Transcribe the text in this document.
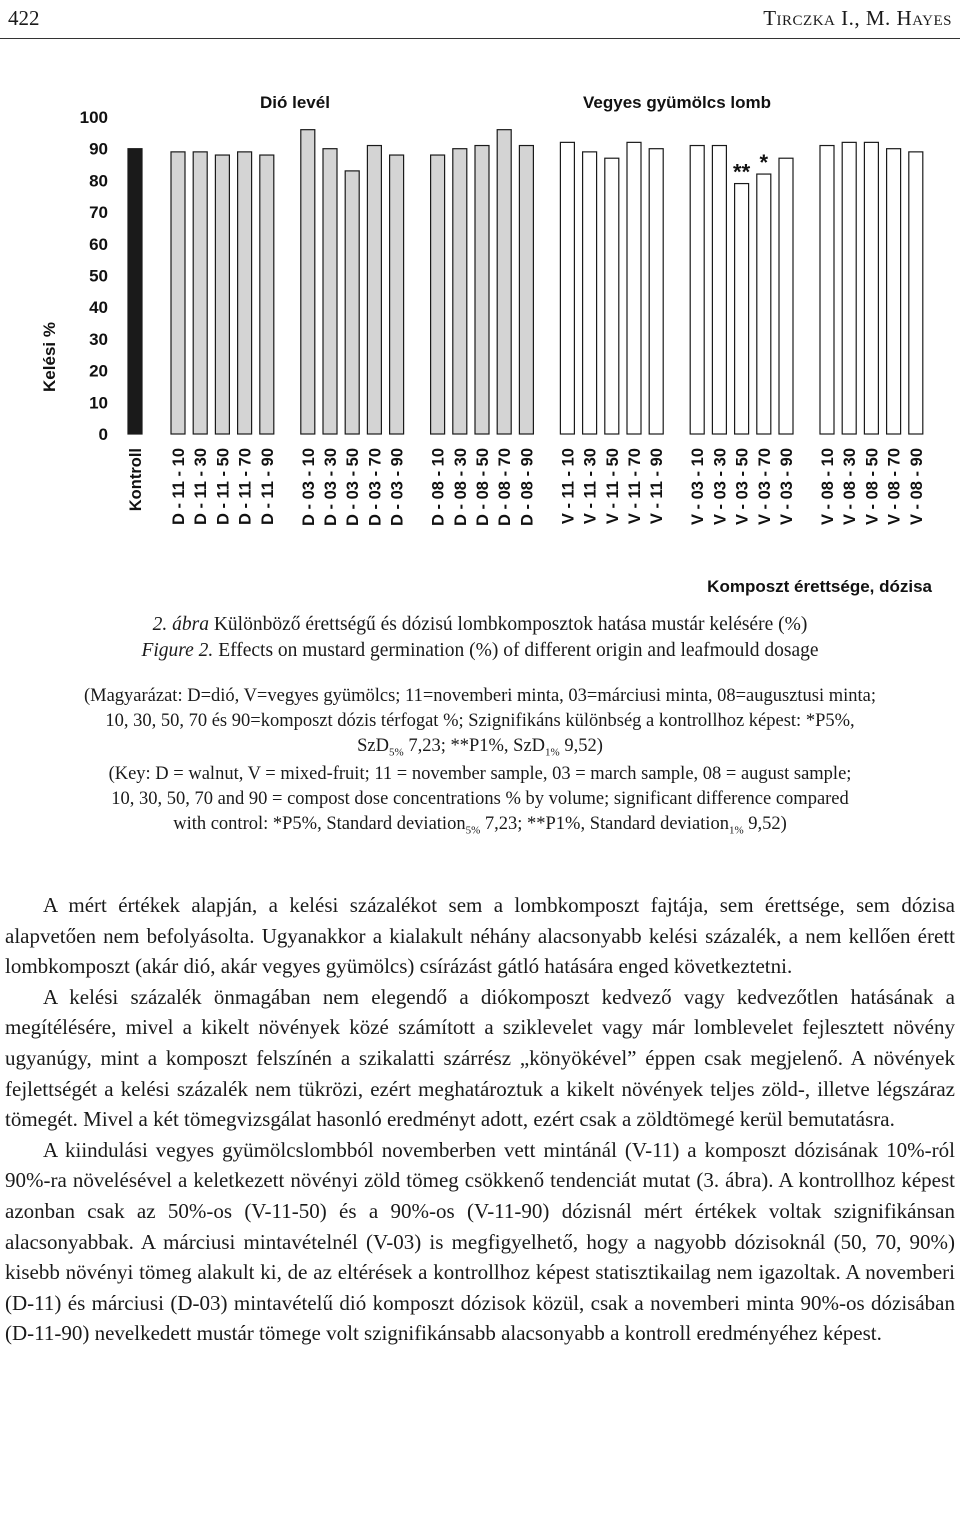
422	Tirczka I., M. Hayes
Kelési %
Komposzt érettsége, dózisa
Dió levél	Vegyes gyümölcs lomb
0
10
20
30
40
50
60
70
80
90
100
Kontroll D - 11 - 10 D - 11 - 30 D - 11 - 50 D - 11 - 70 D - 11 - 90 D - 03 - 10 D - 03 - 30 D - 03 - 50 D - 03 - 70 D - 03 - 90 D - 08 - 10 D - 08 - 30 D - 08 - 50 D - 08 - 70 D - 08 - 90 V - 11 - 10 V - 11 - 30 V - 11 - 50 V - 11 - 70 V - 11 - 90 V - 03 - 10 V - 03 - 30 V - 03 - 50 V - 03 - 70 V - 03 - 90 V - 08 - 10 V - 08 - 30 V - 08 - 50 V - 08 - 70 V - 08 - 90
** *
2. ábra Különböző érettségű és dózisú lombkomposztok hatása mustár kelésére (%)
Figure 2. Effects on mustard germination (%) of different origin and leafmould dosage
(Magyarázat: D=dió, V=vegyes gyümölcs; 11=novemberi minta, 03=márciusi minta, 08=augusztusi minta;
10, 30, 50, 70 és 90=komposzt dózis térfogat %; Szignifikáns különbség a kontrollhoz képest: *P5%,
SzD$_{5\%}$ 7,23; **P1%, SzD$_{1\%}$ 9,52)
(Key: D = walnut, V = mixed-fruit; 11 = november sample, 03 = march sample, 08 = august sample;
10, 30, 50, 70 and 90 = compost dose concentrations % by volume; significant difference compared
with control: *P5%, Standard deviation$_{5\%}$ 7,23; **P1%, Standard deviation$_{1\%}$ 9,52)

A mért értékek alapján, a kelési százalékot sem a lombkomposzt fajtája, sem érettsége, sem dózisa alapvetően nem befolyásolta. Ugyanakkor a kialakult néhány alacsonyabb kelési százalék, a nem kellően érett lombkomposzt (akár dió, akár vegyes gyümölcs) csírázást gátló hatására enged következtetni.

A kelési százalék önmagában nem elegendő a diókomposzt kedvező vagy kedvezőtlen hatásának a megítélésére, mivel a kikelt növények közé számított a sziklevelet vagy már lomblevelet fejlesztett növény ugyanúgy, mint a komposzt felszínén a szikalatti szárrész „könyökével” éppen csak megjelenő. A növények fejlettségét a kelési százalék nem tükrözi, ezért meghatároztuk a kikelt növények teljes zöld-, illetve légszáraz tömegét. Mivel a két tömegvizsgálat hasonló eredményt adott, ezért csak a zöldtömegé kerül bemutatásra.

A kiindulási vegyes gyümölcslombból novemberben vett mintánál (V-11) a komposzt dózisának 10%-ról 90%-ra növelésével a keletkezett növényi zöld tömeg csökkenő tendenciát mutat (3. ábra). A kontrollhoz képest azonban csak az 50%-os (V-11-50) és a 90%-os (V-11-90) dózisnál mért értékek voltak szignifikánsan alacsonyabbak. A márciusi mintavételnél (V-03) is megfigyelhető, hogy a nagyobb dózisoknál (50, 70, 90%) kisebb növényi tömeg alakult ki, de az eltérések a kontrollhoz képest statisztikailag nem igazoltak. A novemberi (D-11) és márciusi (D-03) mintavételű dió komposzt dózisok közül, csak a novemberi minta 90%-os dózisában (D-11-90) nevelkedett mustár tömege volt szignifikánsabb alacsonyabb a kontroll eredményéhez képest.
